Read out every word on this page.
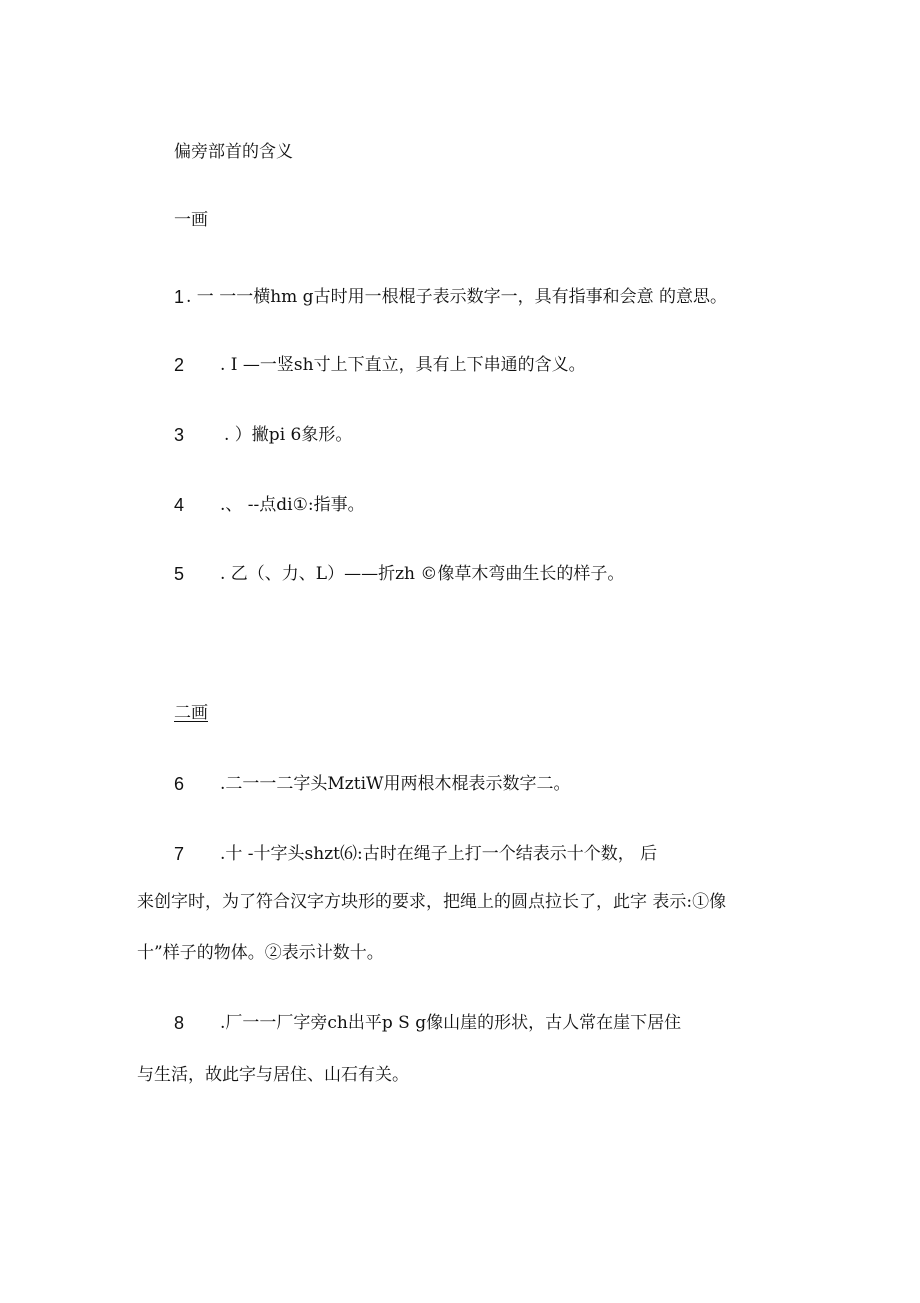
偏旁部首的含义
一画
1 . 一 一一横hm g古时用一根棍子表示数字一，具有指事和会意 的意思。
2 . I —一竖sh寸上下直立，具有上下串通的含义。
3 . ）撇pi 6象形。
4 .、 --点di①:指事。
5 . 乙（、力、L）——折zh ©像草木弯曲生长的样子。
二画
6 .二一一二字头MztiW用两根木棍表示数字二。
7 .十 -十字头shzt⑹:古时在绳子上打一个结表示十个数， 后
来创字时，为了符合汉字方块形的要求，把绳上的圆点拉长了，此字 表示:①像
十”样子的物体。②表示计数十。
8 .厂一一厂字旁ch出平p S g像山崖的形状，古人常在崖下居住
与生活，故此字与居住、山石有关。
